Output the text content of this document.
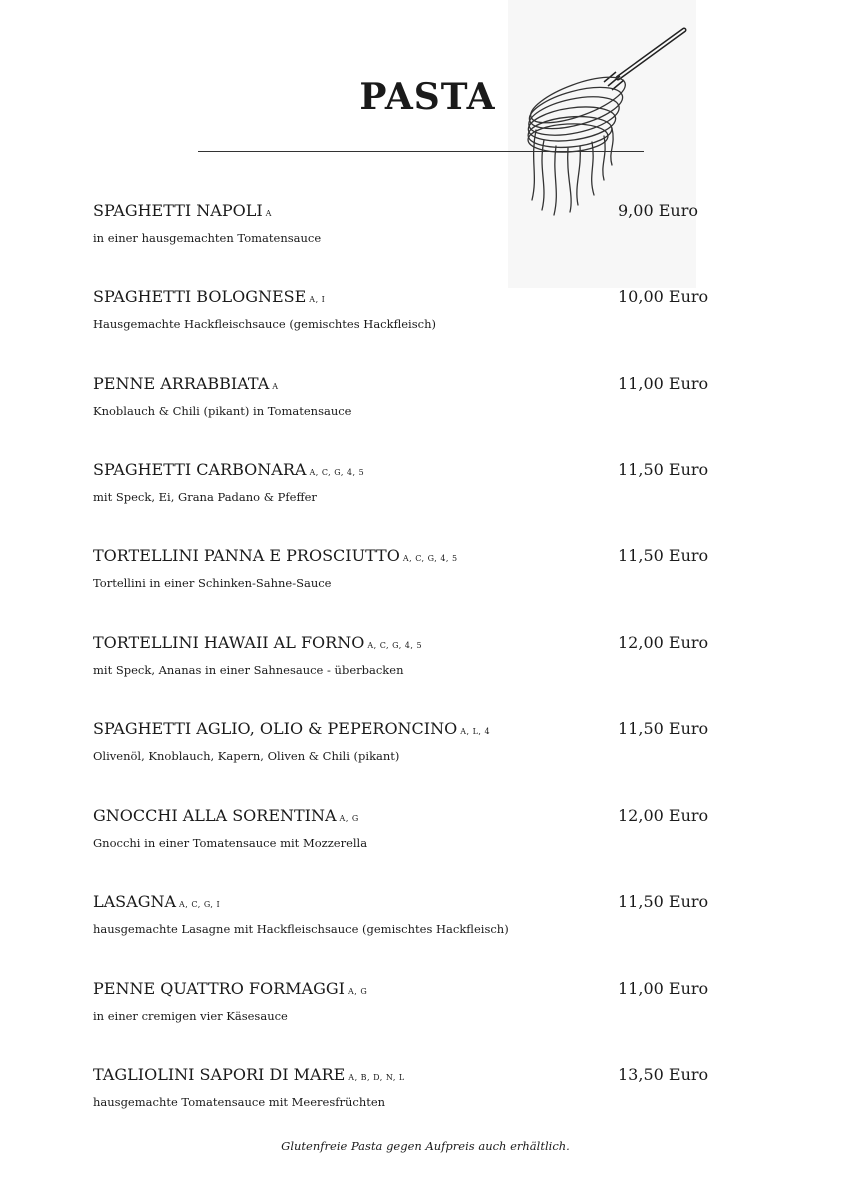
PASTA
SPAGHETTI NAPOLI A	9,00 Euro
in einer hausgemachten Tomatensauce
SPAGHETTI BOLOGNESE A, I	10,00 Euro
Hausgemachte Hackfleischsauce (gemischtes Hackfleisch)
PENNE ARRABBIATA A	11,00 Euro
Knoblauch & Chili (pikant) in Tomatensauce
SPAGHETTI CARBONARA A, C, G, 4, 5	11,50 Euro
mit Speck, Ei, Grana Padano & Pfeffer
TORTELLINI PANNA E PROSCIUTTO A, C, G, 4, 5	11,50 Euro
Tortellini in einer Schinken-Sahne-Sauce
TORTELLINI HAWAII AL FORNO A, C, G, 4, 5	12,00 Euro
mit Speck, Ananas in einer Sahnesauce - überbacken
SPAGHETTI AGLIO, OLIO & PEPERONCINO A, L, 4	11,50 Euro
Olivenöl, Knoblauch, Kapern, Oliven & Chili (pikant)
GNOCCHI ALLA SORENTINA A, G	12,00 Euro
Gnocchi in einer Tomatensauce mit Mozzerella
LASAGNA A, C, G, I	11,50 Euro
hausgemachte Lasagne mit Hackfleischsauce (gemischtes Hackfleisch)
PENNE QUATTRO FORMAGGI A, G	11,00 Euro
in einer cremigen vier Käsesauce
TAGLIOLINI SAPORI DI MARE A, B, D, N, L	13,50 Euro
hausgemachte Tomatensauce mit Meeresfrüchten
Glutenfreie Pasta gegen Aufpreis auch erhältlich.
